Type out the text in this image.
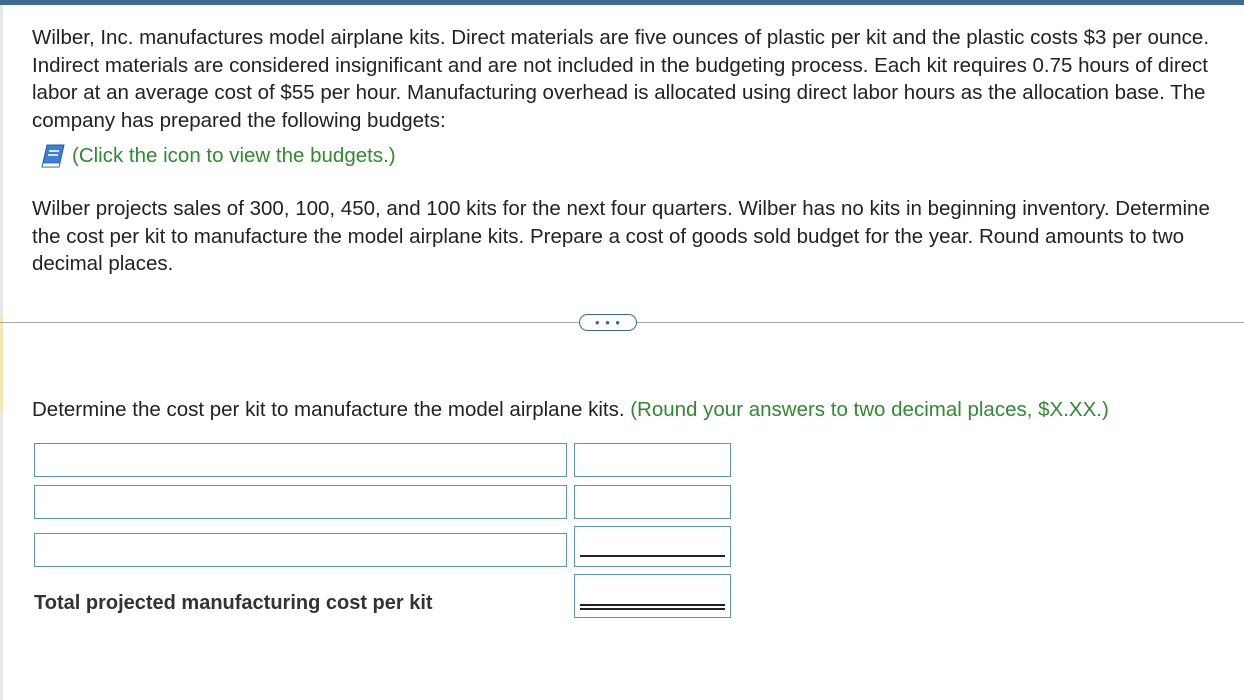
Wilber, Inc. manufactures model airplane kits. Direct materials are five ounces of plastic per kit and the plastic costs $3 per ounce. Indirect materials are considered insignificant and are not included in the budgeting process. Each kit requires 0.75 hours of direct labor at an average cost of $55 per hour. Manufacturing overhead is allocated using direct labor hours as the allocation base. The company has prepared the following budgets:

(Click the icon to view the budgets.)
Wilber projects sales of 300, 100, 450, and 100 kits for the next four quarters. Wilber has no kits in beginning inventory. Determine the cost per kit to manufacture the model airplane kits. Prepare a cost of goods sold budget for the year. Round amounts to two decimal places.
• • •
Determine the cost per kit to manufacture the model airplane kits. (Round your answers to two decimal places, $X.XX.)
Total projected manufacturing cost per kit
